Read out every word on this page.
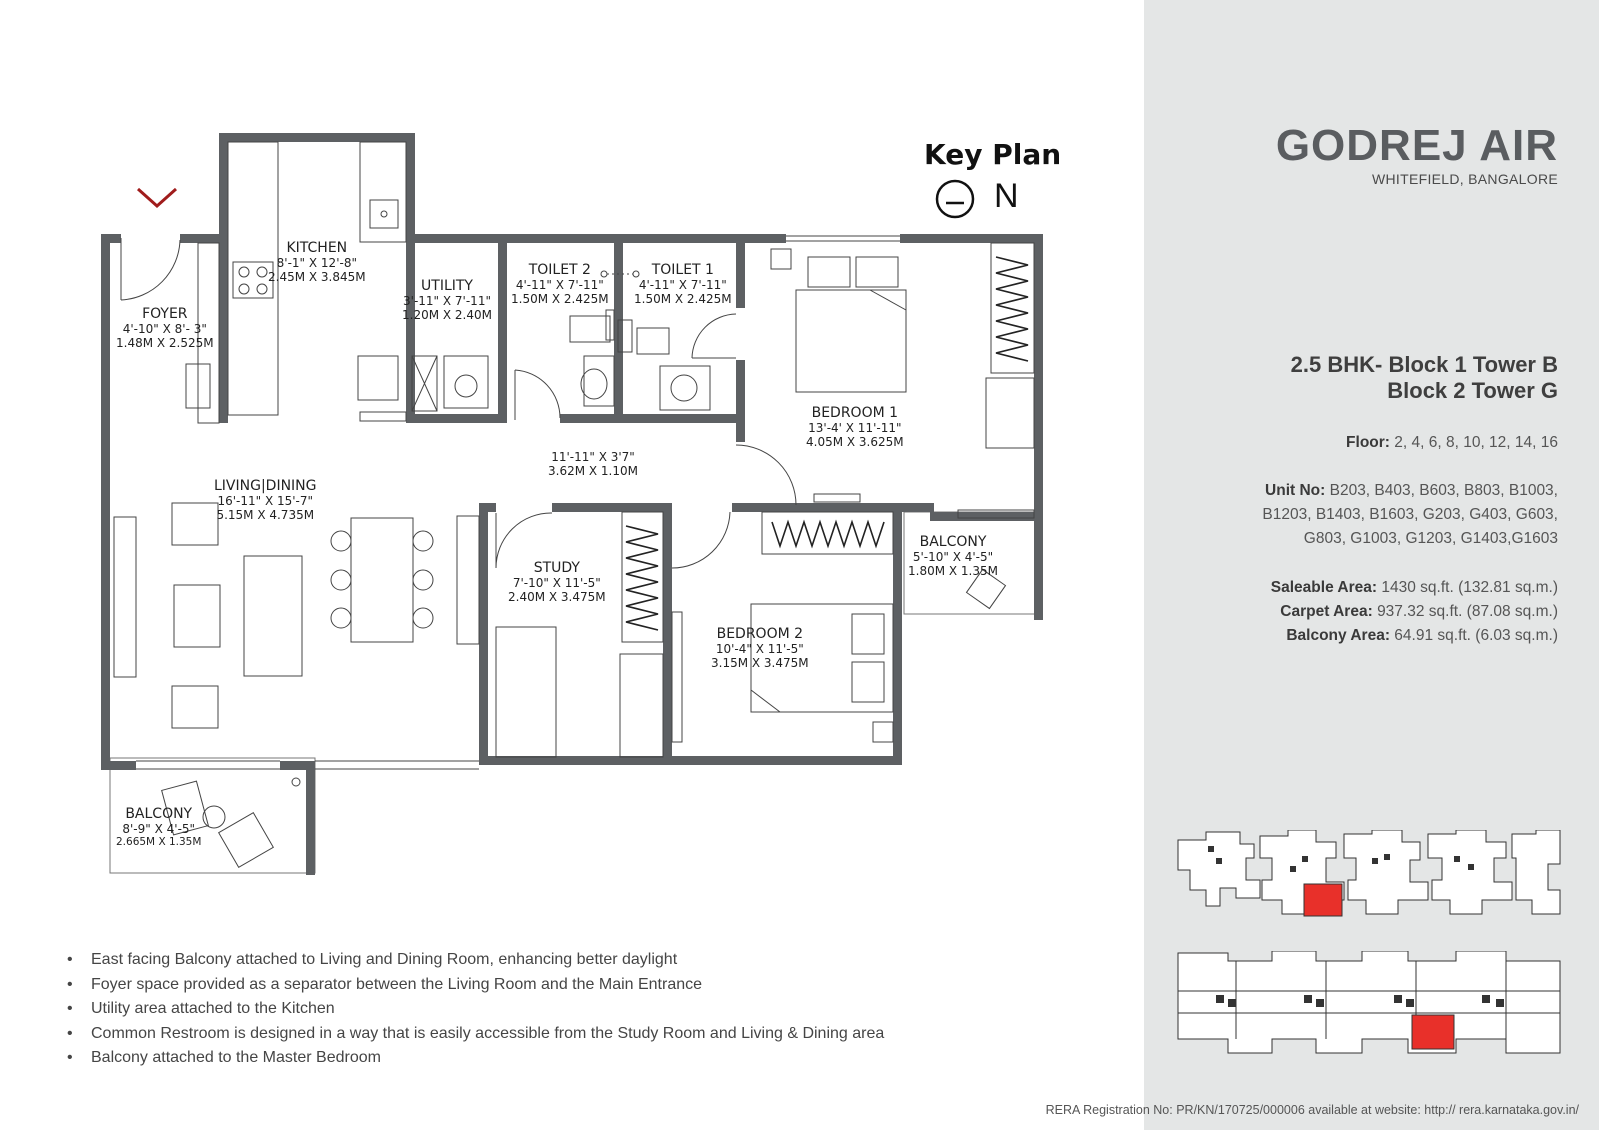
Key Plan
N
KITCHEN
8'-1" X 12'-8"
2.45M X 3.845M
UTILITY
3'-11" X 7'-11"
1.20M X 2.40M
TOILET 2
4'-11" X 7'-11"
1.50M X 2.425M
TOILET 1
4'-11" X 7'-11"
1.50M X 2.425M
FOYER
4'-10" X 8'- 3"
1.48M X 2.525M
BEDROOM 1
13'-4' X 11'-11"
4.05M X 3.625M
11'-11" X 3'7"
3.62M X 1.10M
LIVING|DINING
16'-11" X 15'-7"
5.15M X 4.735M
STUDY
7'-10" X 11'-5"
2.40M X 3.475M
BEDROOM 2
10'-4" X 11'-5"
3.15M X 3.475M
BALCONY
5'-10" X 4'-5"
1.80M X 1.35M
BALCONY
8'-9" X 4'-5"
2.665M X 1.35M
• East facing Balcony attached to Living and Dining Room, enhancing better daylight
• Foyer space provided as a separator between the Living Room and the Main Entrance
• Utility area attached to the Kitchen
• Common Restroom is designed in a way that is easily accessible from the Study Room and Living & Dining area
• Balcony attached to the Master Bedroom
GODREJ AIR
WHITEFIELD, BANGALORE
2.5 BHK- Block 1 Tower B
Block 2 Tower G
Floor: 2, 4, 6, 8, 10, 12, 14, 16
Unit No: B203, B403, B603, B803, B1003,
B1203, B1403, B1603, G203, G403, G603,
G803, G1003, G1203, G1403,G1603
Saleable Area: 1430 sq.ft. (132.81 sq.m.)
Carpet Area: 937.32 sq.ft. (87.08 sq.m.)
Balcony Area: 64.91 sq.ft. (6.03 sq.m.)
RERA Registration No: PR/KN/170725/000006 available at website: http:// rera.karnataka.gov.in/
